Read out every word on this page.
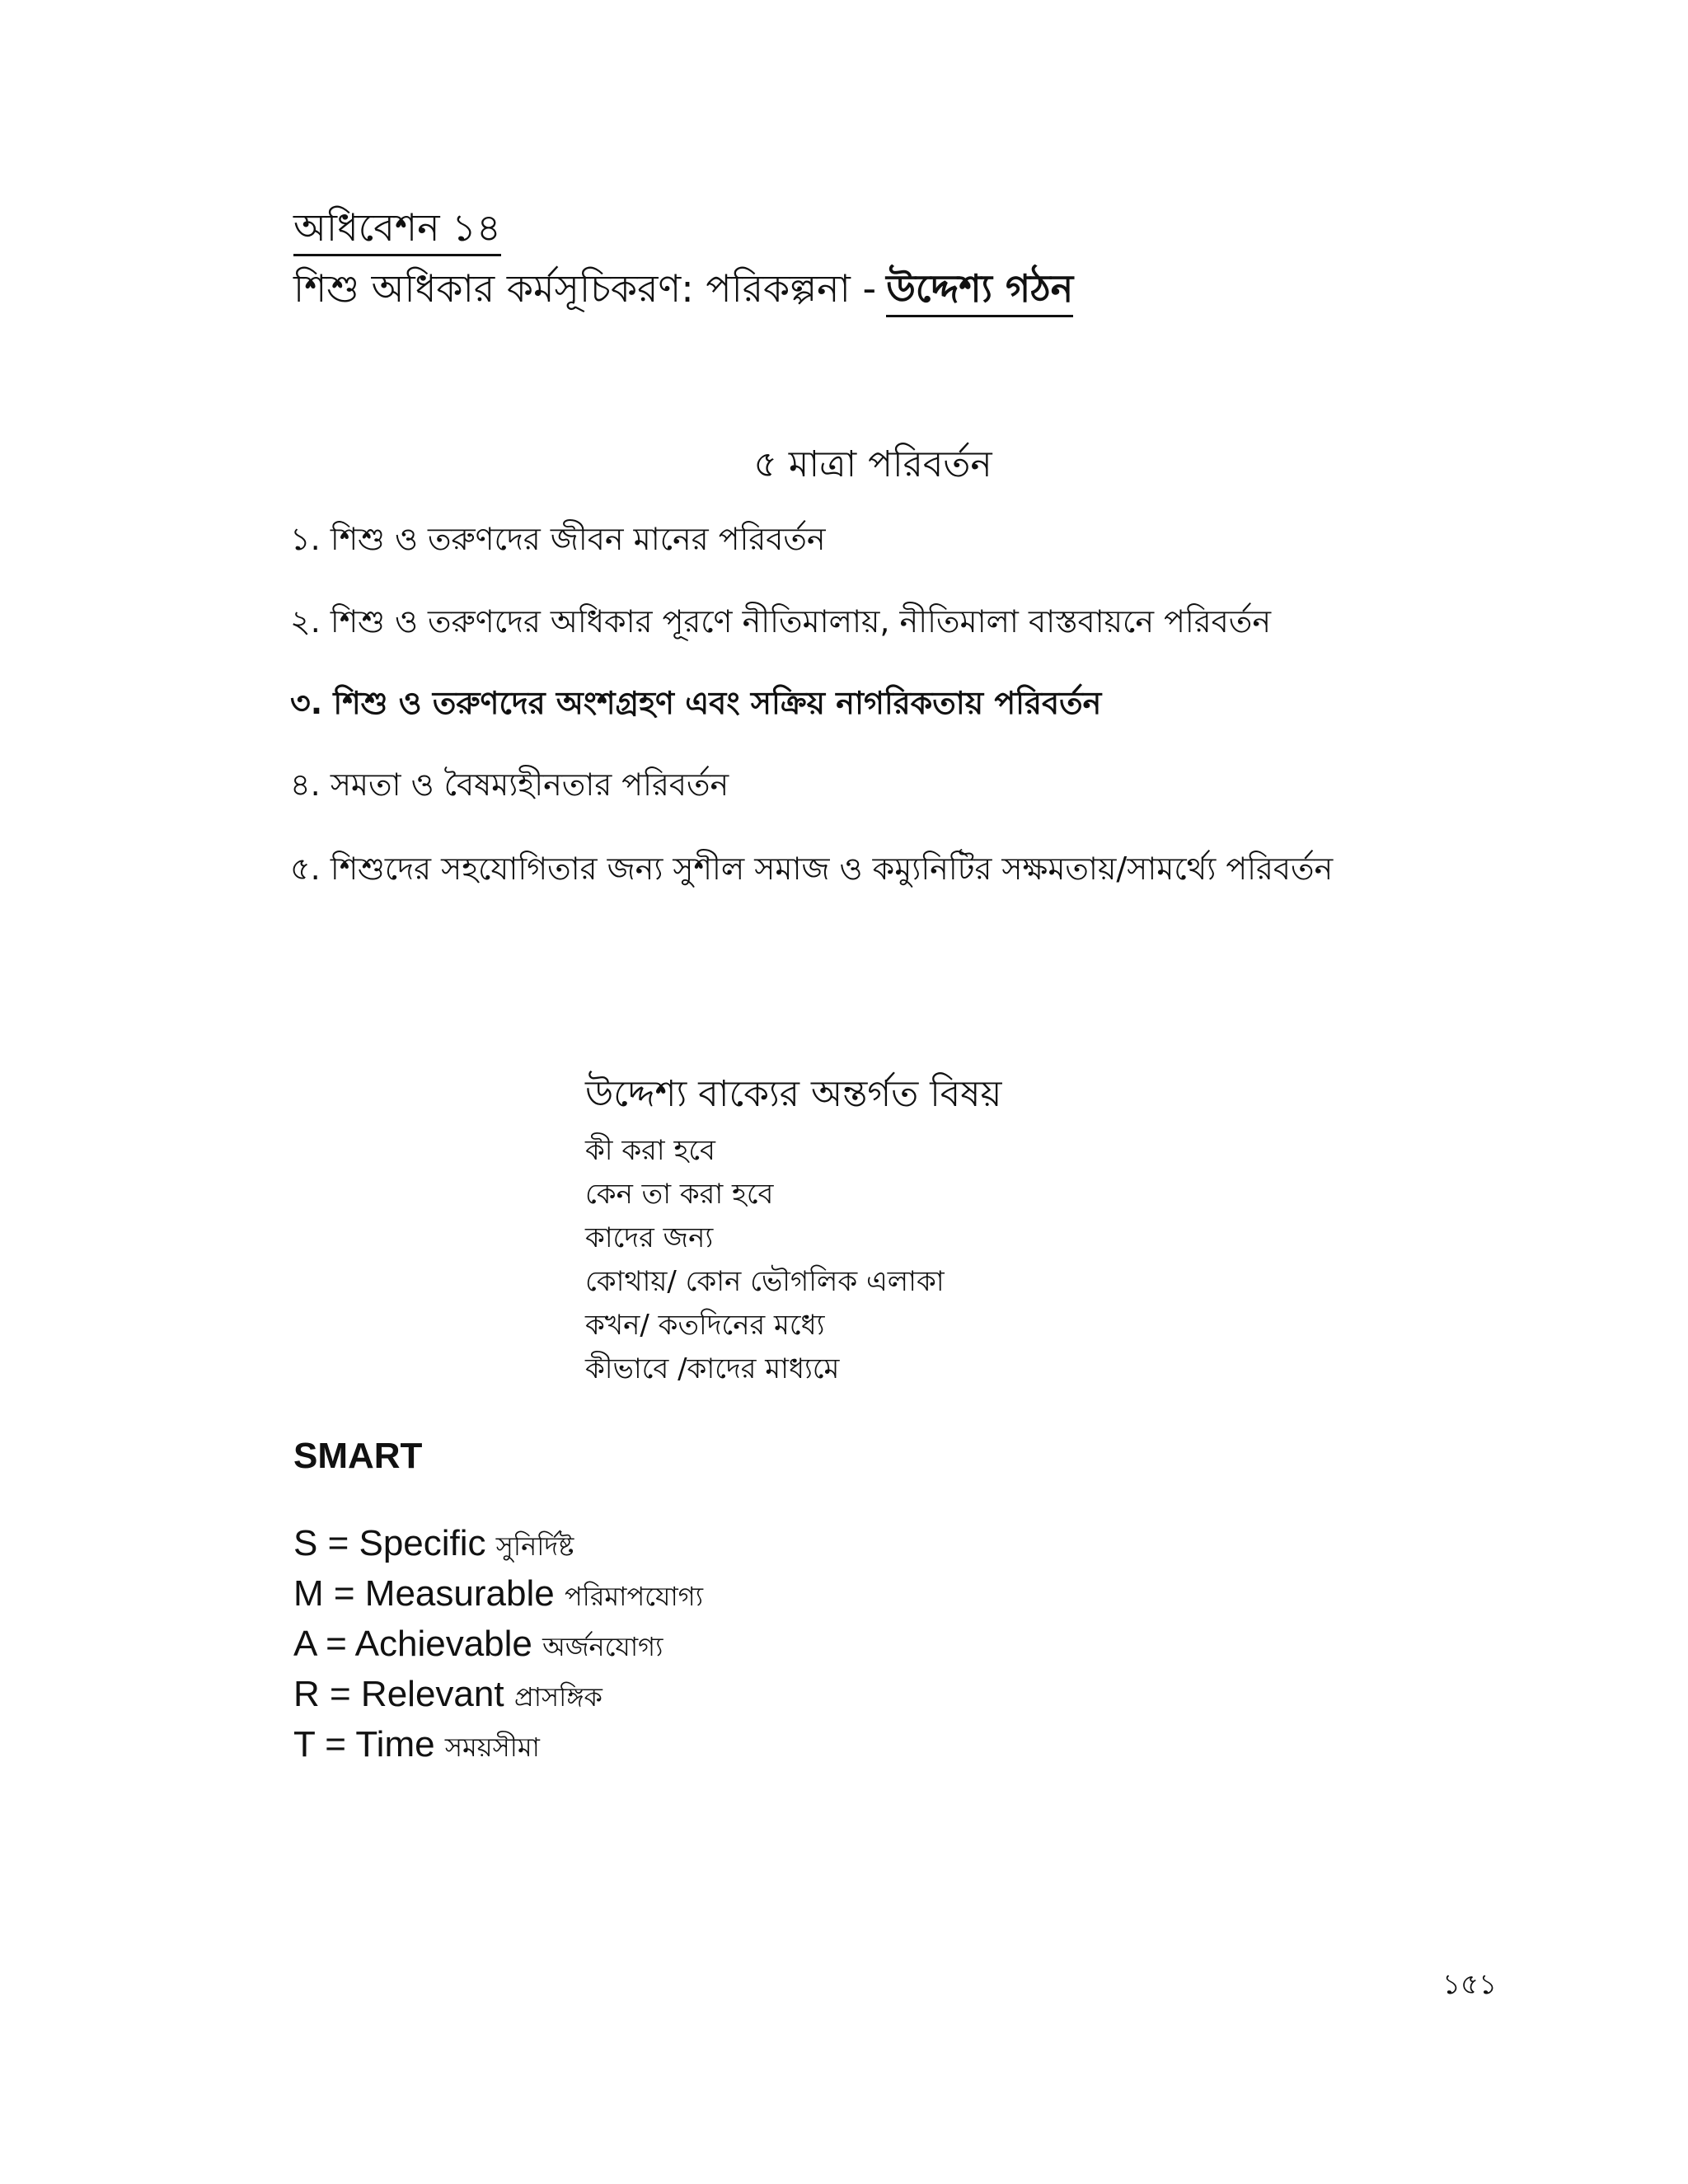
অধিবেশন ১৪
শিশু অধিকার কর্মসূচিকরণ: পরিকল্পনা - উদ্দেশ্য গঠন
৫ মাত্রা পরিবর্তন
১. শিশু ও তরুণদের জীবন মানের পরিবর্তন
২. শিশু ও তরুণদের অধিকার পূরণে নীতিমালায়, নীতিমালা বাস্তবায়নে পরিবর্তন
৩. শিশু ও তরুণদের অংশগ্রহণ এবং সক্রিয় নাগরিকতায় পরিবর্তন
৪. সমতা ও বৈষম্যহীনতার পরিবর্তন
৫. শিশুদের সহযোগিতার জন্য সুশীল সমাজ ও কম্যুনিটির সক্ষমতায়/সামর্থ্যে পরিবর্তন
উদ্দেশ্য বাক্যের অন্তর্গত বিষয়
কী করা হবে
কেন তা করা হবে
কাদের জন্য
কোথায়/ কোন ভৌগলিক এলাকা
কখন/ কতদিনের মধ্যে
কীভাবে /কাদের মাধ্যমে
SMART
S = Specific সুনির্দিষ্ট
M = Measurable পরিমাপযোগ্য
A = Achievable অর্জনযোগ্য
R = Relevant প্রাসঙ্গিক
T = Time সময়সীমা
১৫১
